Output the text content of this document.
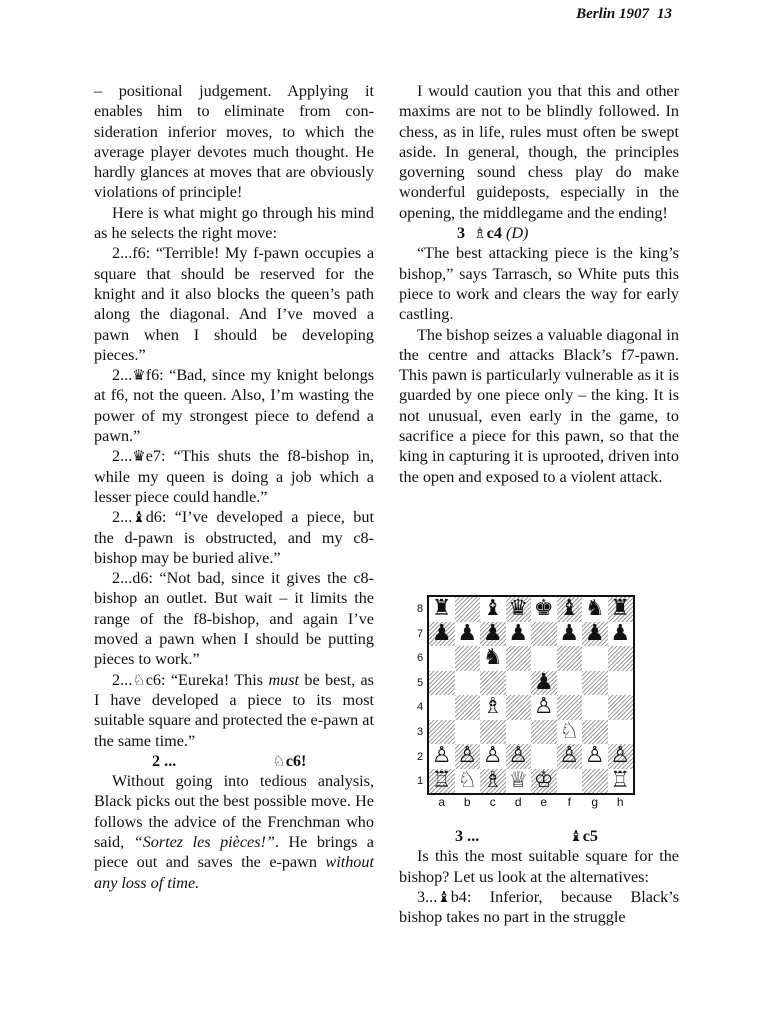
Berlin 1907 13

– positional judgement. Applying it enables him to eliminate from consideration inferior moves, to which the average player devotes much thought. He hardly glances at moves that are obviously violations of principle!

Here is what might go through his mind as he selects the right move:

2...f6: “Terrible! My f-pawn occupies a square that should be reserved for the knight and it also blocks the queen’s path along the diagonal. And I’ve moved a pawn when I should be developing pieces.”

2...♛f6: “Bad, since my knight belongs at f6, not the queen. Also, I’m wasting the power of my strongest piece to defend a pawn.”

2...♛e7: “This shuts the f8-bishop in, while my queen is doing a job which a lesser piece could handle.”

2...♝d6: “I’ve developed a piece, but the d-pawn is obstructed, and my c8-bishop may be buried alive.”

2...d6: “Not bad, since it gives the c8-bishop an outlet. But wait – it limits the range of the f8-bishop, and again I’ve moved a pawn when I should be putting pieces to work.”

2...♘c6: “Eureka! This must be best, as I have developed a piece to its most suitable square and protected the e-pawn at the same time.”

2 ...	♘c6!

Without going into tedious analysis, Black picks out the best possible move. He follows the advice of the Frenchman who said, “Sortez les pièces!”. He brings a piece out and saves the e-pawn without any loss of time.

I would caution you that this and other maxims are not to be blindly followed. In chess, as in life, rules must often be swept aside. In general, though, the principles governing sound chess play do make wonderful guideposts, especially in the opening, the middlegame and the ending!

3 ♗c4 (D)

“The best attacking piece is the king’s bishop,” says Tarrasch, so White puts this piece to work and clears the way for early castling.

The bishop seizes a valuable diagonal in the centre and attacks Black’s f7-pawn. This pawn is particularly vulnerable as it is guarded by one piece only – the king. It is not unusual, even early in the game, to sacrifice a piece for this pawn, so that the king in capturing it is uprooted, driven into the open and exposed to a violent attack.

8
7
6
5
4
3
2
1
♜ ♝ ♛ ♚ ♝ ♞ ♜
♟ ♟ ♟ ♟ ♟ ♟ ♟
♞
♟
♗ ♙
♘
♙ ♙ ♙ ♙ ♙ ♙ ♙
♖ ♘ ♗ ♕ ♔	♖
a	b	c	d	e	f	g	h

3 ...	♝c5

Is this the most suitable square for the bishop? Let us look at the alternatives:

3...♝b4: Inferior, because Black’s bishop takes no part in the struggle
